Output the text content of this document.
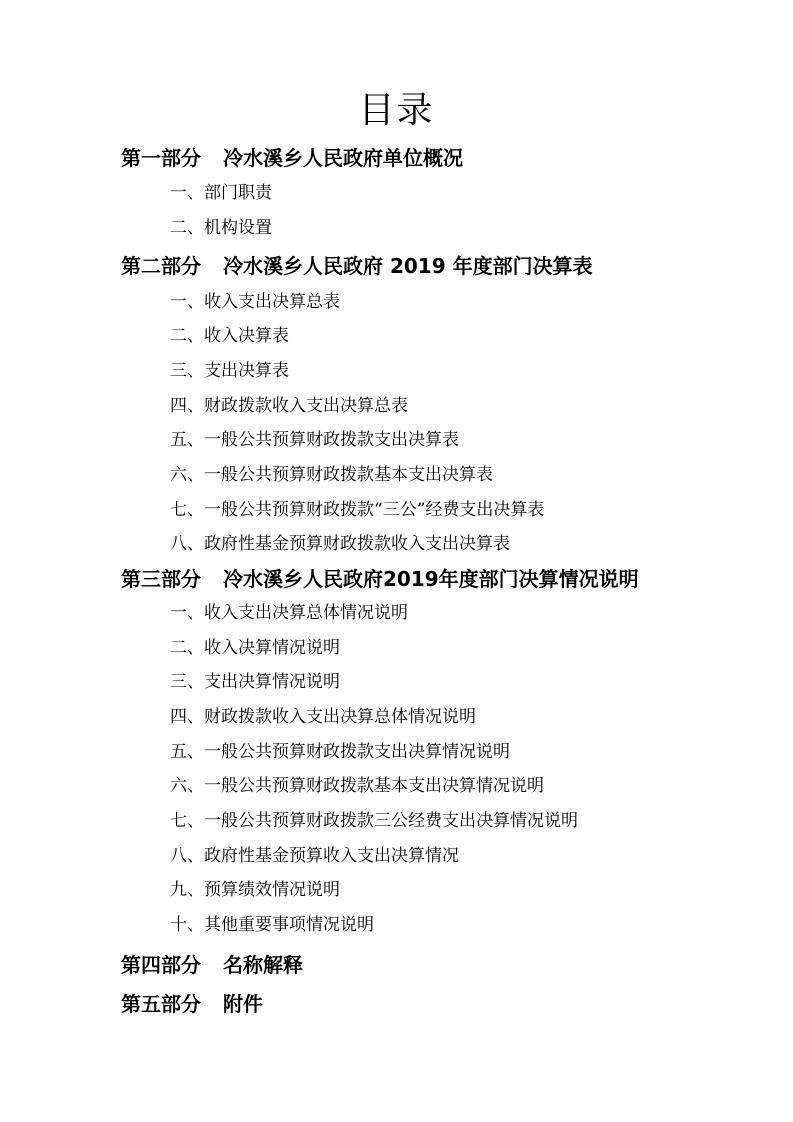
目录
第一部分 冷水溪乡人民政府单位概况
一、部门职责
二、机构设置
第二部分 冷水溪乡人民政府 2019 年度部门决算表
一、收入支出决算总表
二、收入决算表
三、支出决算表
四、财政拨款收入支出决算总表
五、一般公共预算财政拨款支出决算表
六、一般公共预算财政拨款基本支出决算表
七、一般公共预算财政拨款“三公”经费支出决算表
八、政府性基金预算财政拨款收入支出决算表
第三部分 冷水溪乡人民政府2019年度部门决算情况说明
一、收入支出决算总体情况说明
二、收入决算情况说明
三、支出决算情况说明
四、财政拨款收入支出决算总体情况说明
五、一般公共预算财政拨款支出决算情况说明
六、一般公共预算财政拨款基本支出决算情况说明
七、一般公共预算财政拨款三公经费支出决算情况说明
八、政府性基金预算收入支出决算情况
九、预算绩效情况说明
十、其他重要事项情况说明
第四部分 名称解释
第五部分 附件
